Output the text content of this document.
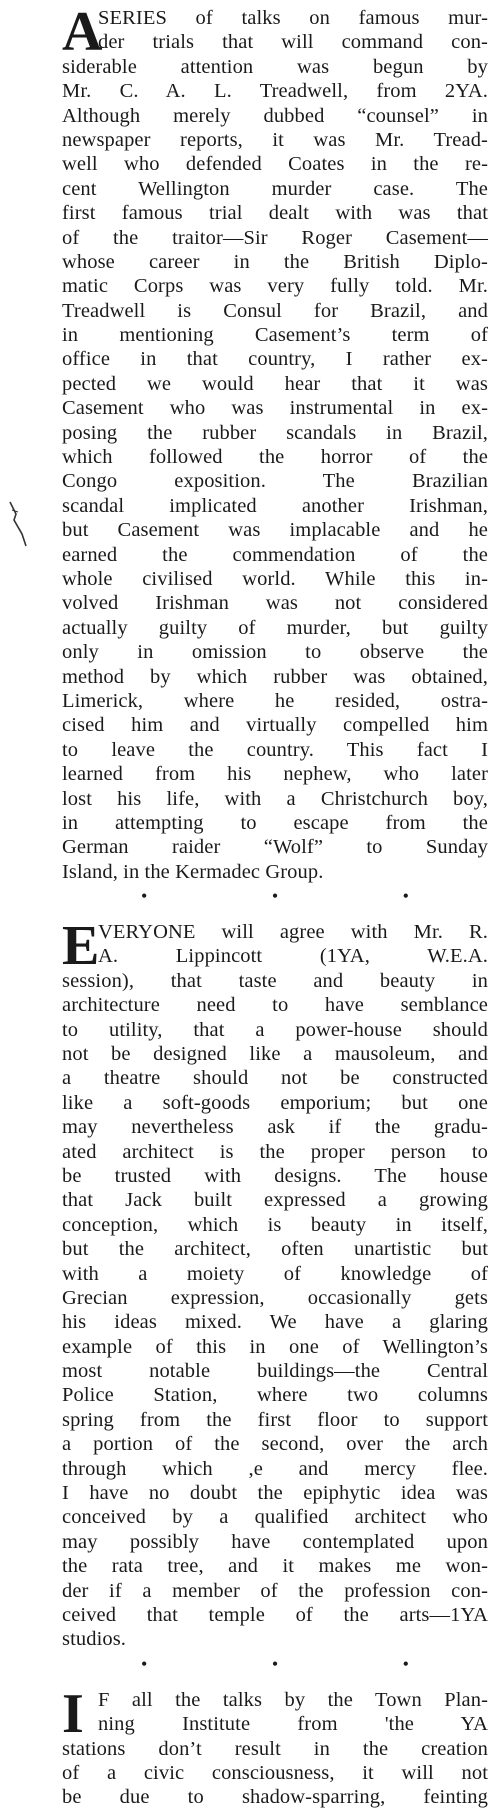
A
SERIES of talks on famous mur-
der trials that will command con-
siderable attention was begun by
Mr. C. A. L. Treadwell, from 2YA.
Although merely dubbed “counsel” in
newspaper reports, it was Mr. Tread-
well who defended Coates in the re-
cent Wellington murder case. The
first famous trial dealt with was that
of the traitor—Sir Roger Casement—
whose career in the British Diplo-
matic Corps was very fully told. Mr.
Treadwell is Consul for Brazil, and
in mentioning Casement’s term of
office in that country, I rather ex-
pected we would hear that it was
Casement who was instrumental in ex-
posing the rubber scandals in Brazil,
which followed the horror of the
Congo exposition. The Brazilian
scandal implicated another Irishman,
but Casement was implacable and he
earned the commendation of the
whole civilised world. While this in-
volved Irishman was not considered
actually guilty of murder, but guilty
only in omission to observe the
method by which rubber was obtained,
Limerick, where he resided, ostra-
cised him and virtually compelled him
to leave the country. This fact I
learned from his nephew, who later
lost his life, with a Christchurch boy,
in attempting to escape from the
German raider “Wolf” to Sunday
Island, in the Kermadec Group.
• • •
E
VERYONE will agree with Mr. R.
A. Lippincott (1YA, W.E.A.
session), that taste and beauty in
architecture need to have semblance
to utility, that a power-house should
not be designed like a mausoleum, and
a theatre should not be constructed
like a soft-goods emporium; but one
may nevertheless ask if the gradu-
ated architect is the proper person to
be trusted with designs. The house
that Jack built expressed a growing
conception, which is beauty in itself,
but the architect, often unartistic but
with a moiety of knowledge of
Grecian expression, occasionally gets
his ideas mixed. We have a glaring
example of this in one of Wellington’s
most notable buildings—the Central
Police Station, where two columns
spring from the first floor to support
a portion of the second, over the arch
through which ,e and mercy flee.
I have no doubt the epiphytic idea was
conceived by a qualified architect who
may possibly have contemplated upon
the rata tree, and it makes me won-
der if a member of the profession con-
ceived that temple of the arts—1YA
studios.
• • •
I F all the talks by the Town Plan-
ning Institute from 'the YA
stations don’t result in the creation
of a civic consciousness, it will not
be due to shadow-sparring, feinting
